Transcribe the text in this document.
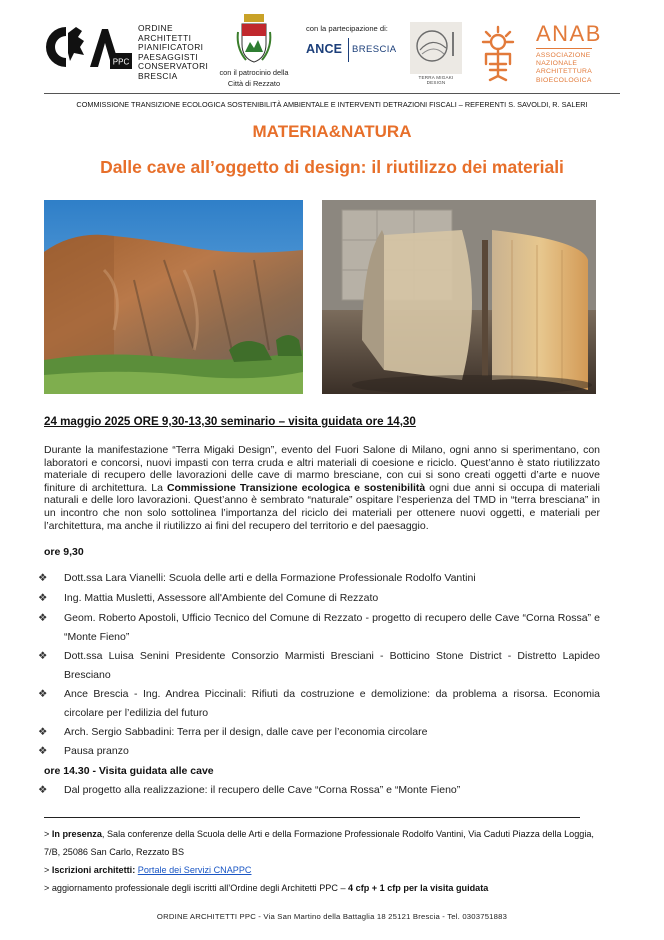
PPC
ORDINE
ARCHITETTI
PIANIFICATORI
PAESAGGISTI
CONSERVATORI
BRESCIA	con il patrocinio della
Città di Rezzato
con la partecipazione di:
ANCE BRESCIA
TERRA MIGAKI DESIGN
ANAB
ASSOCIAZIONE
NAZIONALE
ARCHITETTURA
BIOECOLOGICA
COMMISSIONE TRANSIZIONE ECOLOGICA SOSTENIBILITÀ AMBIENTALE E INTERVENTI DETRAZIONI FISCALI – REFERENTI S. SAVOLDI, R. SALERI
MATERIA&NATURA
Dalle cave all’oggetto di design: il riutilizzo dei materiali
24 maggio 2025 ORE 9,30-13,30 seminario – visita guidata ore 14,30
Durante la manifestazione “Terra Migaki Design”, evento del Fuori Salone di Milano, ogni anno si sperimentano, con laboratori e concorsi, nuovi impasti con terra cruda e altri materiali di coesione e riciclo. Quest’anno è stato riutilizzato materiale di recupero delle lavorazioni delle cave di marmo bresciane, con cui si sono creati oggetti d’arte e nuove finiture di architettura. La Commissione Transizione ecologica e sostenibilità ogni due anni si occupa di materiali naturali e delle loro lavorazioni. Quest’anno è sembrato “naturale” ospitare l’esperienza del TMD in “terra bresciana” in un incontro che non solo sottolinea l’importanza del riciclo dei materiali per ottenere nuovi oggetti, e materiali per l’architettura, ma anche il riutilizzo ai fini del recupero del territorio e del paesaggio.
ore 9,30
❖	Dott.ssa Lara Vianelli: Scuola delle arti e della Formazione Professionale Rodolfo Vantini
❖	Ing. Mattia Musletti, Assessore all'Ambiente del Comune di Rezzato
❖	Geom. Roberto Apostoli, Ufficio Tecnico del Comune di Rezzato - progetto di recupero delle Cave “Corna Rossa” e “Monte Fieno”
❖	Dott.ssa Luisa Senini Presidente Consorzio Marmisti Bresciani - Botticino Stone District - Distretto Lapideo Bresciano
❖	Ance Brescia - Ing. Andrea Piccinali: Rifiuti da costruzione e demolizione: da problema a risorsa. Economia circolare per l’edilizia del futuro
❖	Arch. Sergio Sabbadini: Terra per il design, dalle cave per l’economia circolare
❖	Pausa pranzo
ore 14.30 - Visita guidata alle cave
❖	Dal progetto alla realizzazione: il recupero delle Cave “Corna Rossa” e “Monte Fieno”
> In presenza, Sala conferenze della Scuola delle Arti e della Formazione Professionale Rodolfo Vantini, Via Caduti Piazza della Loggia, 7/B, 25086 San Carlo, Rezzato BS
> Iscrizioni architetti: Portale dei Servizi CNAPPC
> aggiornamento professionale degli iscritti all’Ordine degli Architetti PPC – 4 cfp + 1 cfp per la visita guidata
ORDINE ARCHITETTI PPC - Via San Martino della Battaglia 18 25121 Brescia - Tel. 0303751883
